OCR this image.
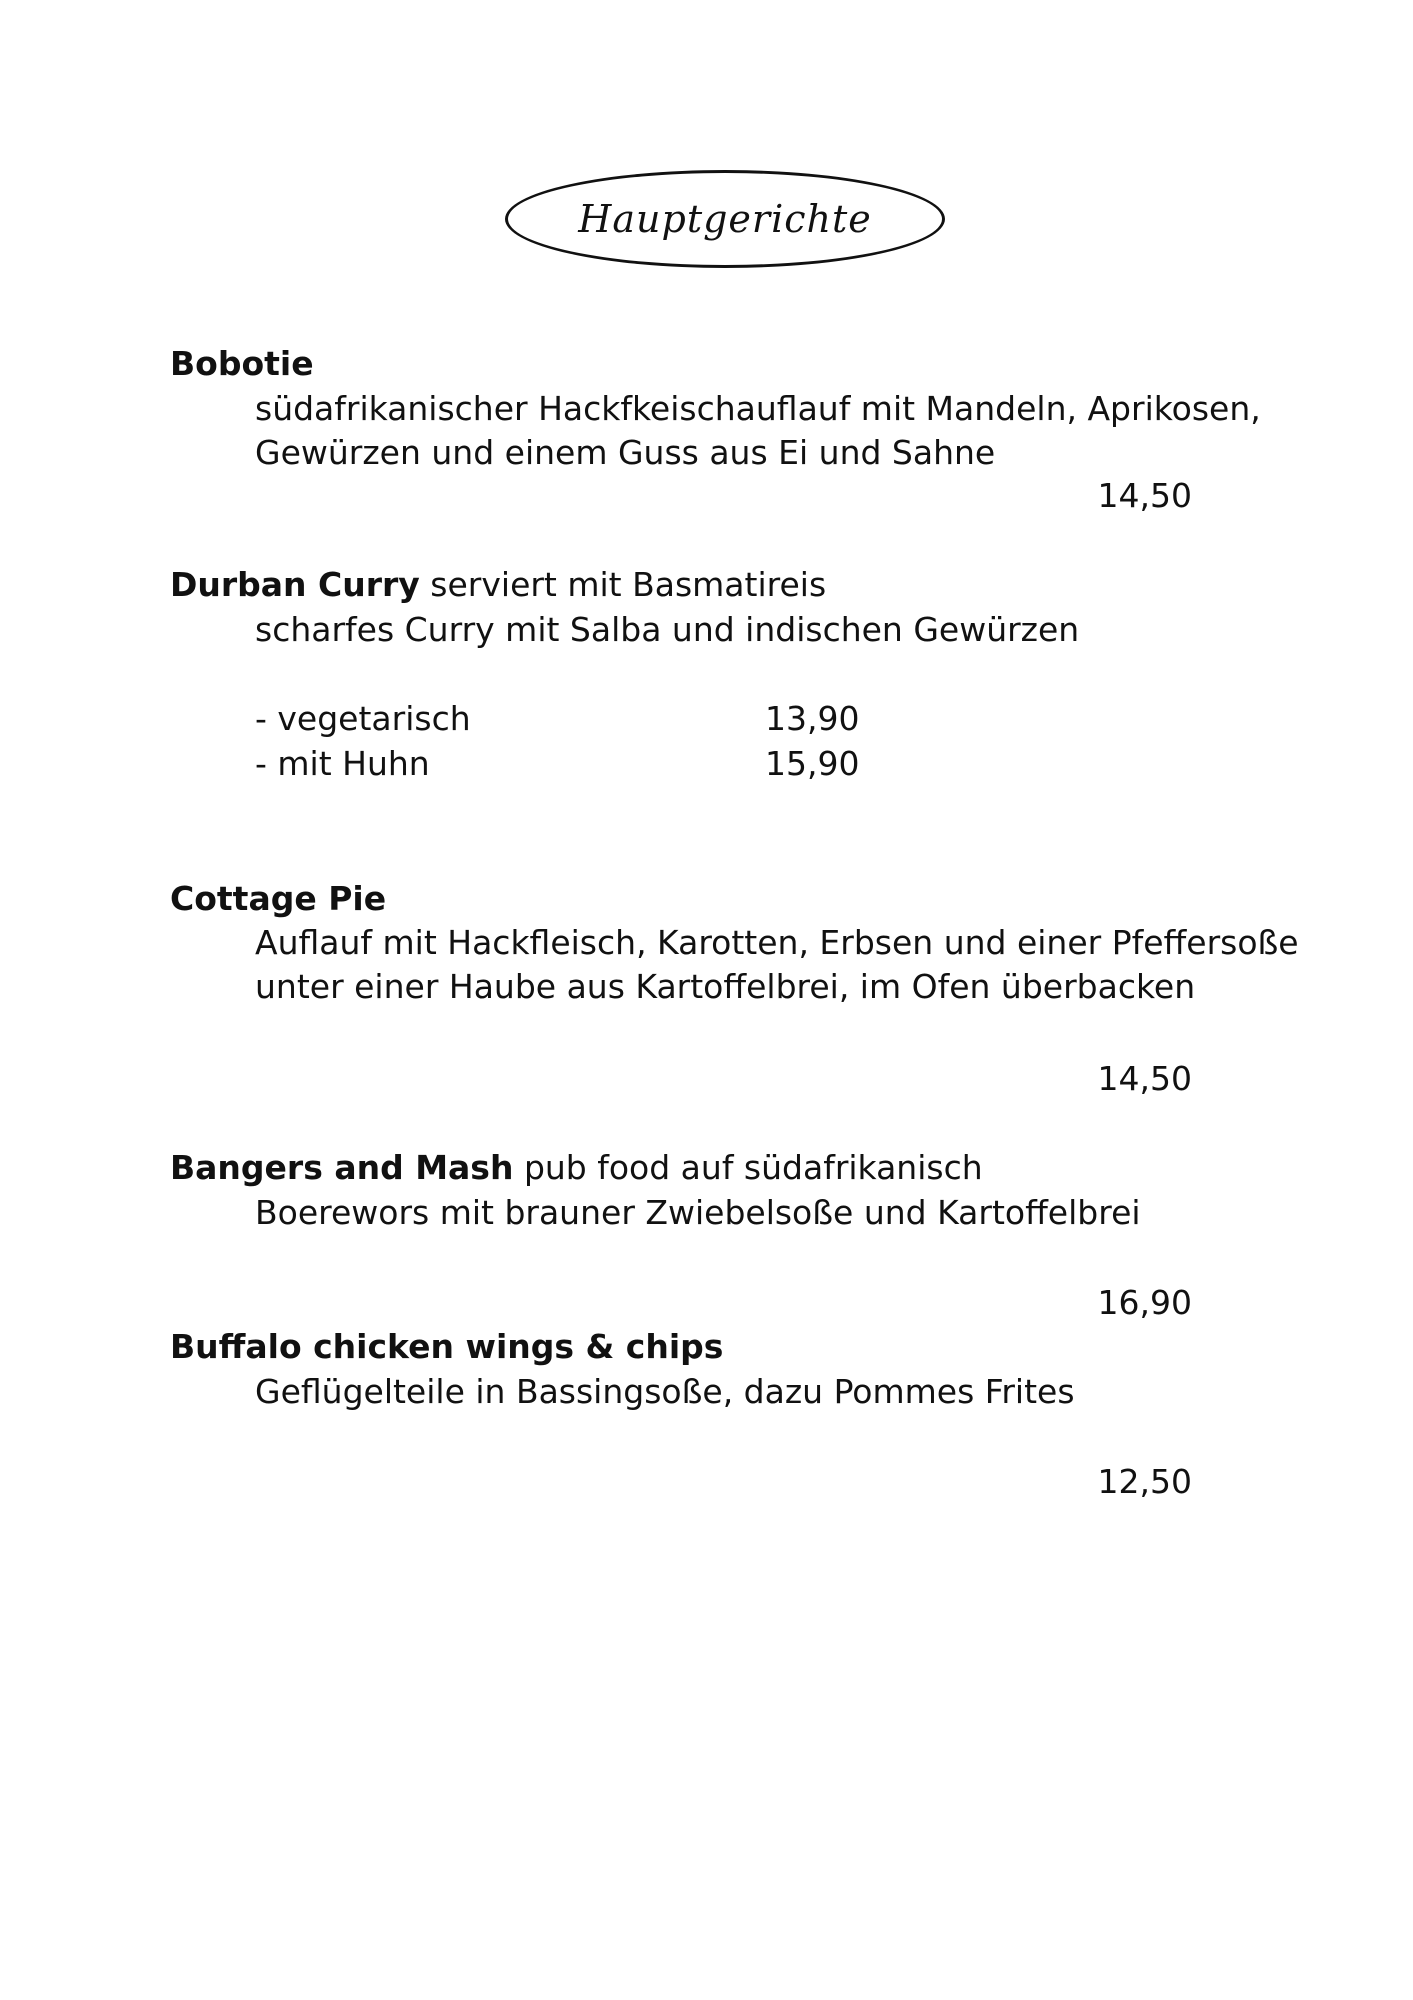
Hauptgerichte
Bobotie
südafrikanischer Hackfkeischauflauf mit Mandeln, Aprikosen,
Gewürzen und einem Guss aus Ei und Sahne
14,50
Durban Curry serviert mit Basmatireis
scharfes Curry mit Salba und indischen Gewürzen
- vegetarisch	13,90
- mit Huhn	15,90
Cottage Pie
Auflauf mit Hackfleisch, Karotten, Erbsen und einer Pfeffersoße
unter einer Haube aus Kartoffelbrei, im Ofen überbacken
14,50
Bangers and Mash pub food auf südafrikanisch
Boerewors mit brauner Zwiebelsoße und Kartoffelbrei
16,90
Buffalo chicken wings & chips
Geflügelteile in Bassingsoße, dazu Pommes Frites
12,50
